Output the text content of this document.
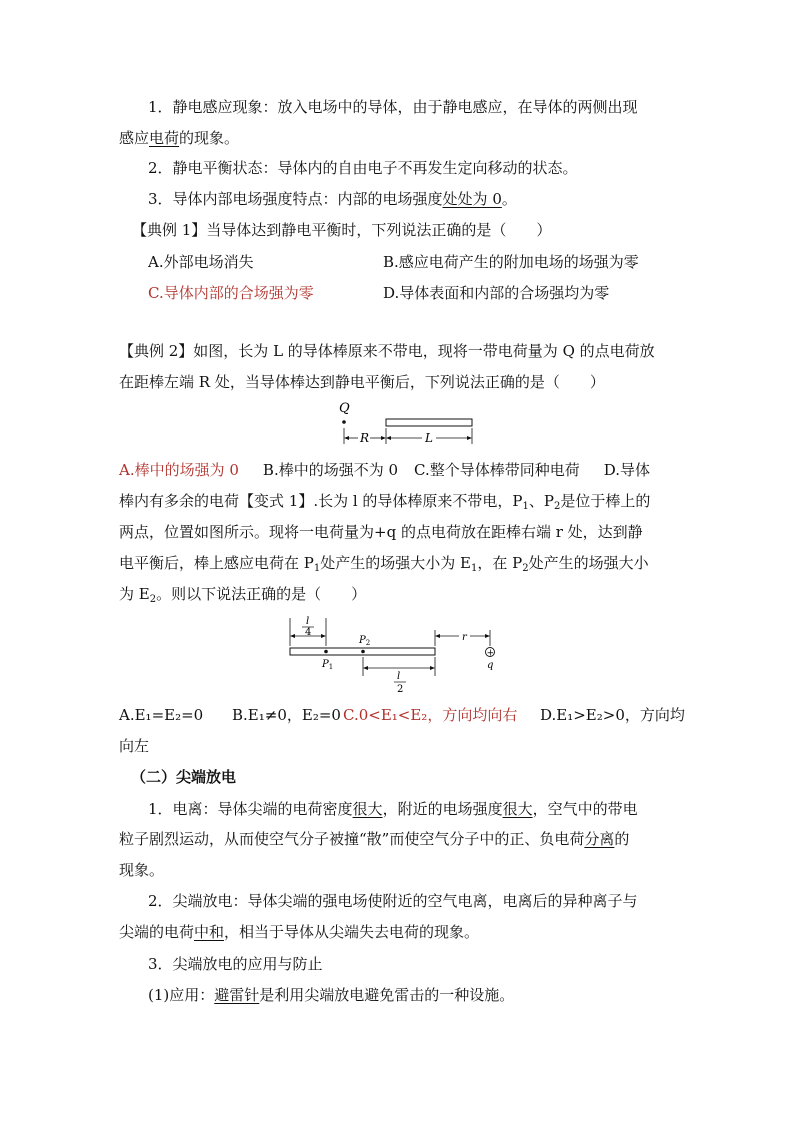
1．静电感应现象：放入电场中的导体，由于静电感应，在导体的两侧出现
感应电荷的现象。
2．静电平衡状态：导体内的自由电子不再发生定向移动的状态。
3．导体内部电场强度特点：内部的电场强度处处为 0。
【典例 1】当导体达到静电平衡时，下列说法正确的是（　　）
A.外部电场消失	B.感应电荷产生的附加电场的场强为零
C.导体内部的合场强为零	D.导体表面和内部的合场强均为零
【典例 2】如图，长为 L 的导体棒原来不带电，现将一带电荷量为 Q 的点电荷放
在距棒左端 R 处，当导体棒达到静电平衡后，下列说法正确的是（　　）
Q
R	L
A.棒中的场强为 0 B.棒中的场强不为 0 C.整个导体棒带同种电荷 D.导体
棒内有多余的电荷【变式 1】.长为 l 的导体棒原来不带电，$P_1$、$P_2$是位于棒上的
两点，位置如图所示。现将一电荷量为+q 的点电荷放在距棒右端 r 处，达到静
电平衡后，棒上感应电荷在 $P_1$处产生的场强大小为 $E_1$，在 $P_2$处产生的场强大小
为 $E_2$。则以下说法正确的是（　　）
l
4
$P_1$
$P_2$
l
2
r
+
q
A.E₁=E₂=0 B.E₁≠0，E₂=0 C.0<E₁<E₂，方向均向右 D.E₁>E₂>0，方向均
向左
（二）尖端放电
1．电离：导体尖端的电荷密度很大，附近的电场强度很大，空气中的带电
粒子剧烈运动，从而使空气分子被撞“散”而使空气分子中的正、负电荷分离的
现象。
2．尖端放电：导体尖端的强电场使附近的空气电离，电离后的异种离子与
尖端的电荷中和，相当于导体从尖端失去电荷的现象。
3．尖端放电的应用与防止
(1)应用：避雷针是利用尖端放电避免雷击的一种设施。
